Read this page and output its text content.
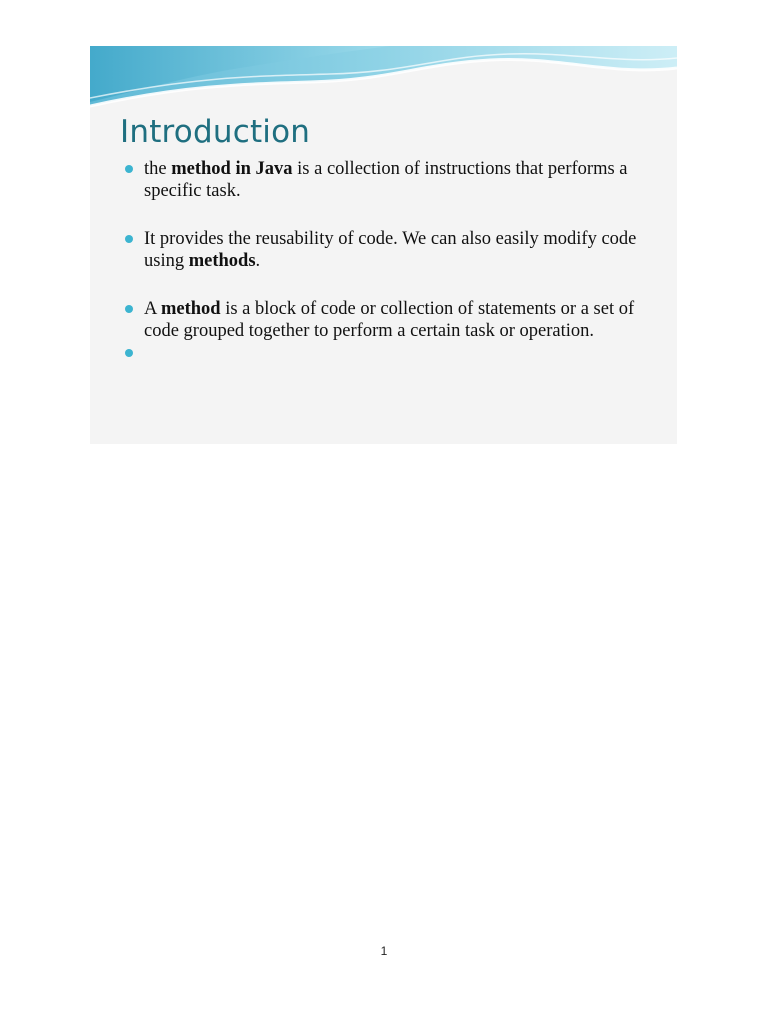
Introduction
the method in Java is a collection of instructions that performs a specific task.
It provides the reusability of code. We can also easily modify code using methods.
A method is a block of code or collection of statements or a set of code grouped together to perform a certain task or operation.
1
